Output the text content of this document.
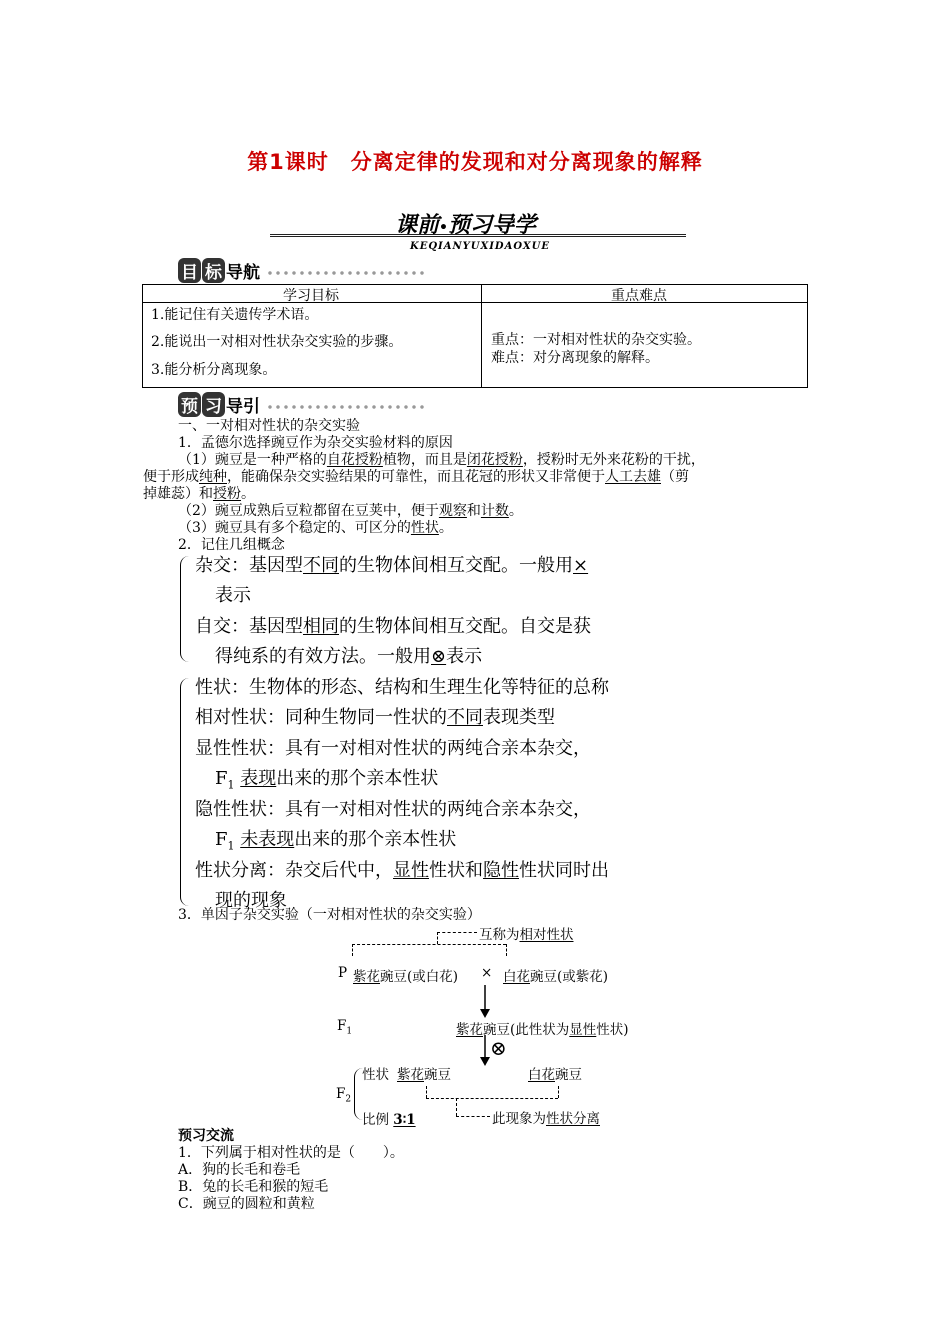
第1课时　分离定律的发现和对分离现象的解释
课前•预习导学
KEQIANYUXIDAOXUE
目 标 导航
学习目标	重点难点
1.能记住有关遗传学术语。
2.能说出一对相对性状杂交实验的步骤。
3.能分析分离现象。
重点：一对相对性状的杂交实验。
难点：对分离现象的解释。
预 习 导引
一、一对相对性状的杂交实验
1．孟德尔选择豌豆作为杂交实验材料的原因
（1）豌豆是一种严格的自花授粉植物，而且是闭花授粉，授粉时无外来花粉的干扰，
便于形成纯种，能确保杂交实验结果的可靠性，而且花冠的形状又非常便于人工去雄（剪
掉雄蕊）和授粉。
（2）豌豆成熟后豆粒都留在豆荚中，便于观察和计数。
（3）豌豆具有多个稳定的、可区分的性状。
2．记住几组概念
杂交：基因型不同的生物体间相互交配。一般用×
表示
自交：基因型相同的生物体间相互交配。自交是获
得纯系的有效方法。一般用⊗表示
性状：生物体的形态、结构和生理生化等特征的总称
相对性状：同种生物同一性状的不同表现类型
显性性状：具有一对相对性状的两纯合亲本杂交，
$F_1$ 表现出来的那个亲本性状
隐性性状：具有一对相对性状的两纯合亲本杂交，
$F_1$ 未表现出来的那个亲本性状
性状分离：杂交后代中，显性性状和隐性性状同时出
现的现象
3．单因子杂交实验（一对相对性状的杂交实验）
互称为相对性状
P 紫花豌豆(或白花) × 白花豌豆(或紫花)
$F_1$	紫花豌豆(此性状为显性性状)
⊗
$F_2$
性状 紫花豌豆	白花豌豆
比例 3∶1	此现象为性状分离
预习交流
1．下列属于相对性状的是（　　）。
A．狗的长毛和卷毛
B．兔的长毛和猴的短毛
C．豌豆的圆粒和黄粒
